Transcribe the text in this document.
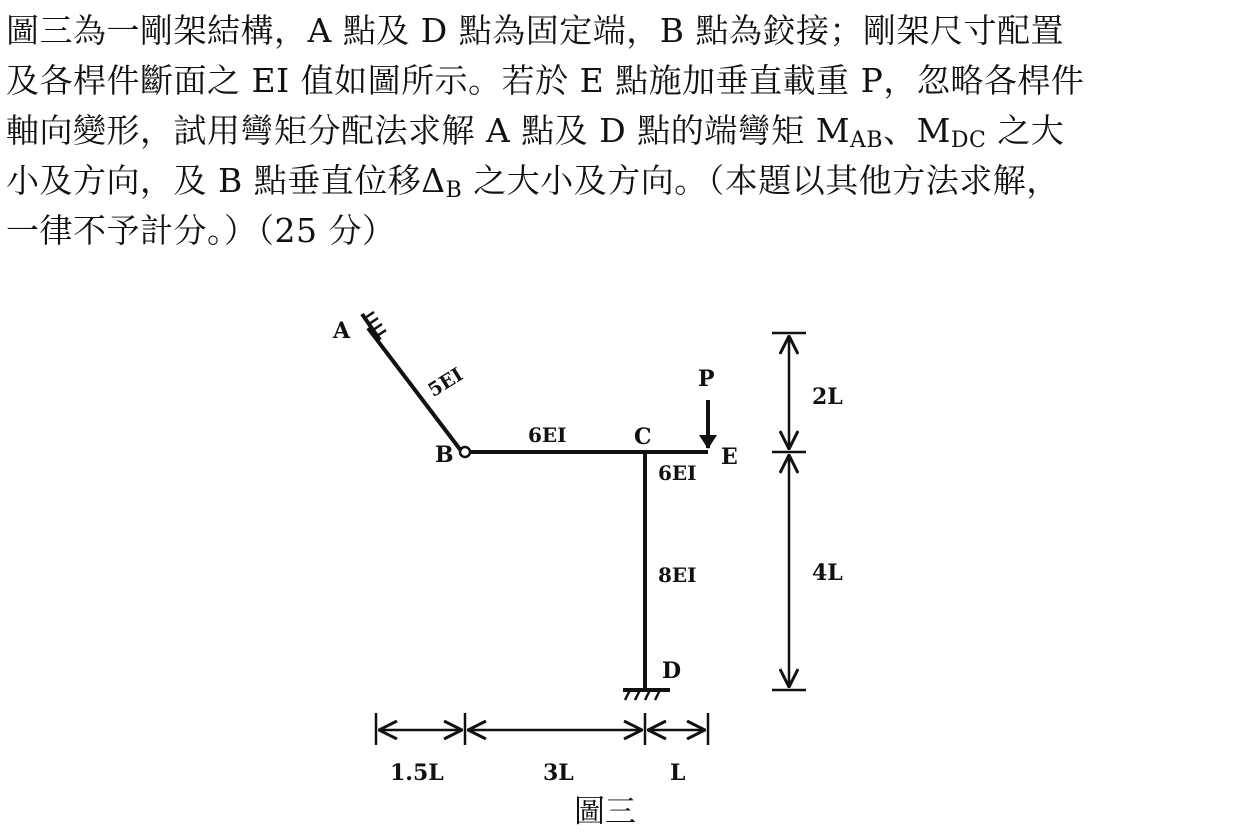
圖三為一剛架結構，A 點及 D 點為固定端，B 點為鉸接；剛架尺寸配置
及各桿件斷面之 EI 值如圖所示。若於 E 點施加垂直載重 P，忽略各桿件
軸向變形，試用彎矩分配法求解 A 點及 D 點的端彎矩 MAB、MDC 之大
小及方向，及 B 點垂直位移ΔB 之大小及方向。（本題以其他方法求解，
一律不予計分。）（25 分）
A
B
C
D
E
P
5EI
6EI
6EI
8EI
2L
4L
1.5L	3L	L
圖三
